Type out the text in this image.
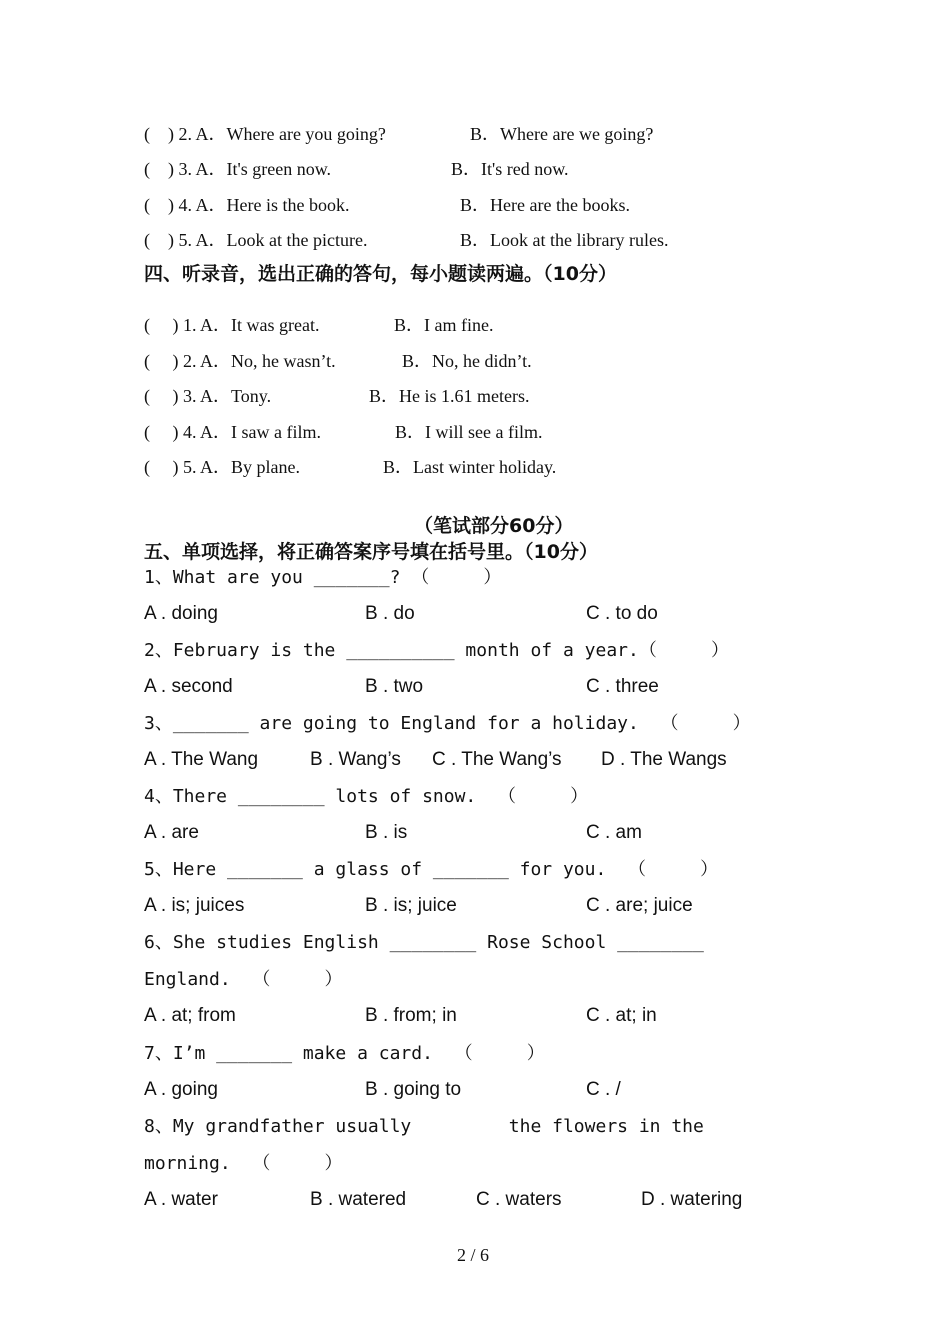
(    ) 2. A．Where are you going?	B．Where are we going?
(    ) 3. A．It's green now.	B．It's red now.
(    ) 4. A．Here is the book.	B．Here are the books.
(    ) 5. A．Look at the picture.	B．Look at the library rules.
四、听录音，选出正确的答句，每小题读两遍。（10分）
(     ) 1. A．It was great.	B．I am fine.
(     ) 2. A．No, he wasn’t.	B．No, he didn’t.
(     ) 3. A．Tony.	B．He is 1.61 meters.
(     ) 4. A．I saw a film.	B．I will see a film.
(     ) 5. A．By plane.	B．Last winter holiday.
（笔试部分60分）
五、单项选择，将正确答案序号填在括号里。（10分）
1、What are you _______? （     ）
A . doing	B . do	C . to do
2、February is the __________ month of a year.（     ）
A . second	B . two	C . three
3、_______ are going to England for a holiday.  （     ）
A . The Wang	B . Wang’s C . The Wang’s D . The Wangs
4、There ________ lots of snow.  （     ）
A . are	B . is	C . am
5、Here _______ a glass of _______ for you.  （     ）
A . is; juices	B . is; juice	C . are; juice
6、She studies English ________ Rose School ________
England.  （     ）
A . at; from	B . from; in	C . at; in
7、I’m _______ make a card.  （     ）
A . going	B . going to	C . /
8、My grandfather usually         the flowers in the
morning.  （     ）
A . water	B . watered	C . waters	D . watering
2 / 6
